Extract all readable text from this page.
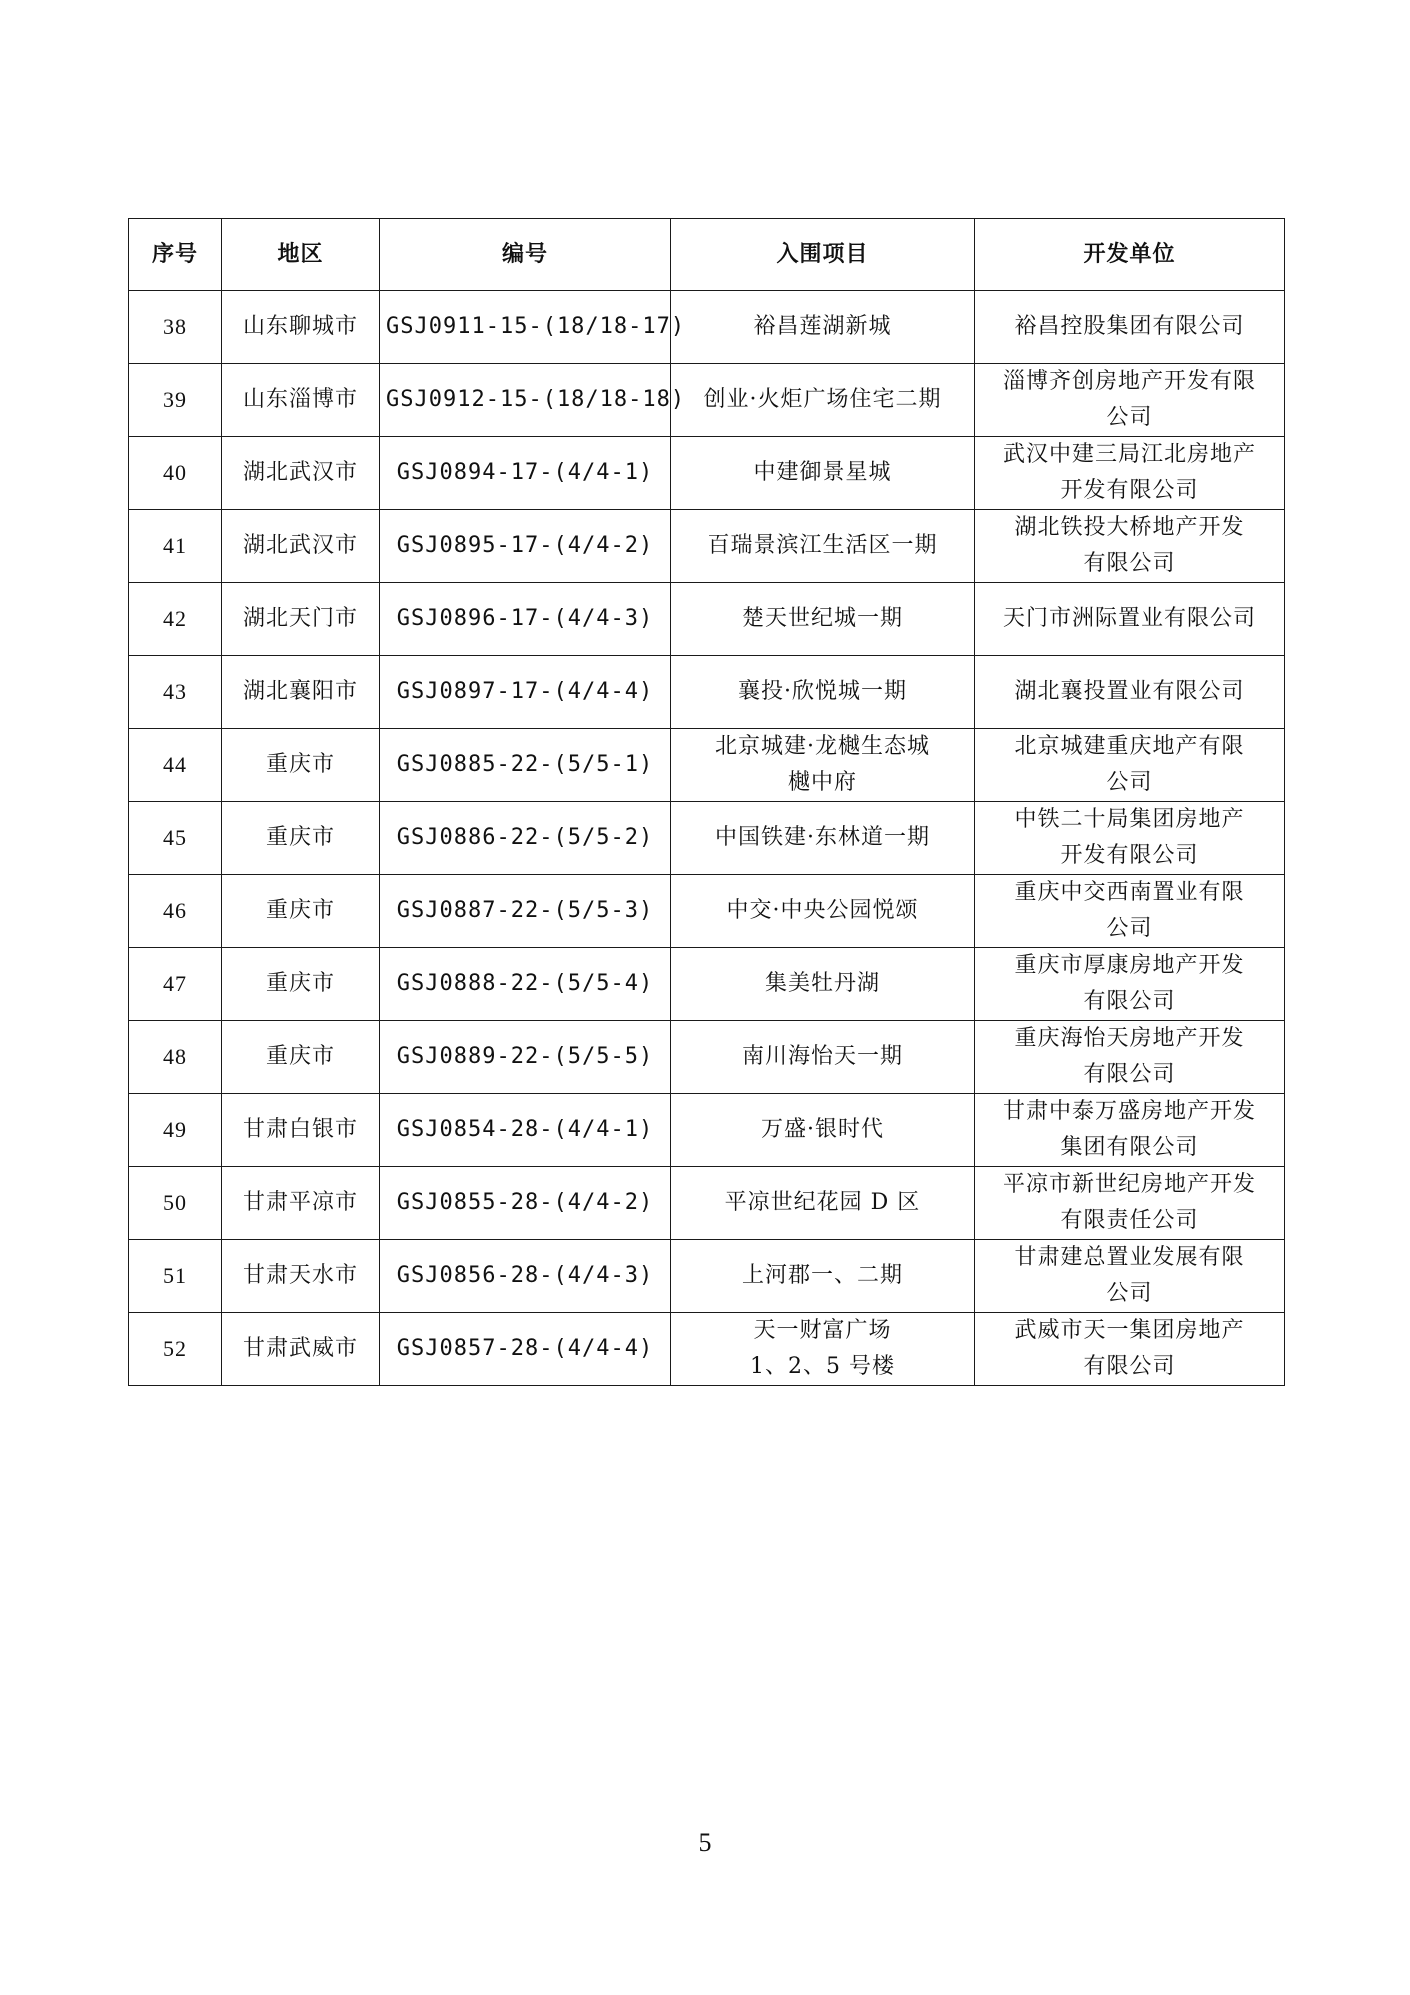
序号	地区	编号	入围项目	开发单位
38	山东聊城市	GSJ0911-15-(18/18-17)	裕昌莲湖新城	裕昌控股集团有限公司

39	山东淄博市	GSJ0912-15-(18/18-18)	创业·火炬广场住宅二期	淄博齐创房地产开发有限
公司

40	湖北武汉市	GSJ0894-17-(4/4-1)	中建御景星城	武汉中建三局江北房地产
开发有限公司

41	湖北武汉市	GSJ0895-17-(4/4-2)	百瑞景滨江生活区一期	湖北铁投大桥地产开发
有限公司

42	湖北天门市	GSJ0896-17-(4/4-3)	楚天世纪城一期	天门市洲际置业有限公司

43	湖北襄阳市	GSJ0897-17-(4/4-4)	襄投·欣悦城一期	湖北襄投置业有限公司

44	重庆市	GSJ0885-22-(5/5-1)	北京城建·龙樾生态城
樾中府	北京城建重庆地产有限
公司

45	重庆市	GSJ0886-22-(5/5-2)	中国铁建·东林道一期	中铁二十局集团房地产
开发有限公司

46	重庆市	GSJ0887-22-(5/5-3)	中交·中央公园悦颂	重庆中交西南置业有限
公司

47	重庆市	GSJ0888-22-(5/5-4)	集美牡丹湖	重庆市厚康房地产开发
有限公司

48	重庆市	GSJ0889-22-(5/5-5)	南川海怡天一期	重庆海怡天房地产开发
有限公司

49	甘肃白银市	GSJ0854-28-(4/4-1)	万盛·银时代	甘肃中泰万盛房地产开发
集团有限公司

50	甘肃平凉市	GSJ0855-28-(4/4-2)	平凉世纪花园 D 区	平凉市新世纪房地产开发
有限责任公司

51	甘肃天水市	GSJ0856-28-(4/4-3)	上河郡一、二期	甘肃建总置业发展有限
公司

52	甘肃武威市	GSJ0857-28-(4/4-4)	天一财富广场
1、2、5 号楼	武威市天一集团房地产
有限公司
5
